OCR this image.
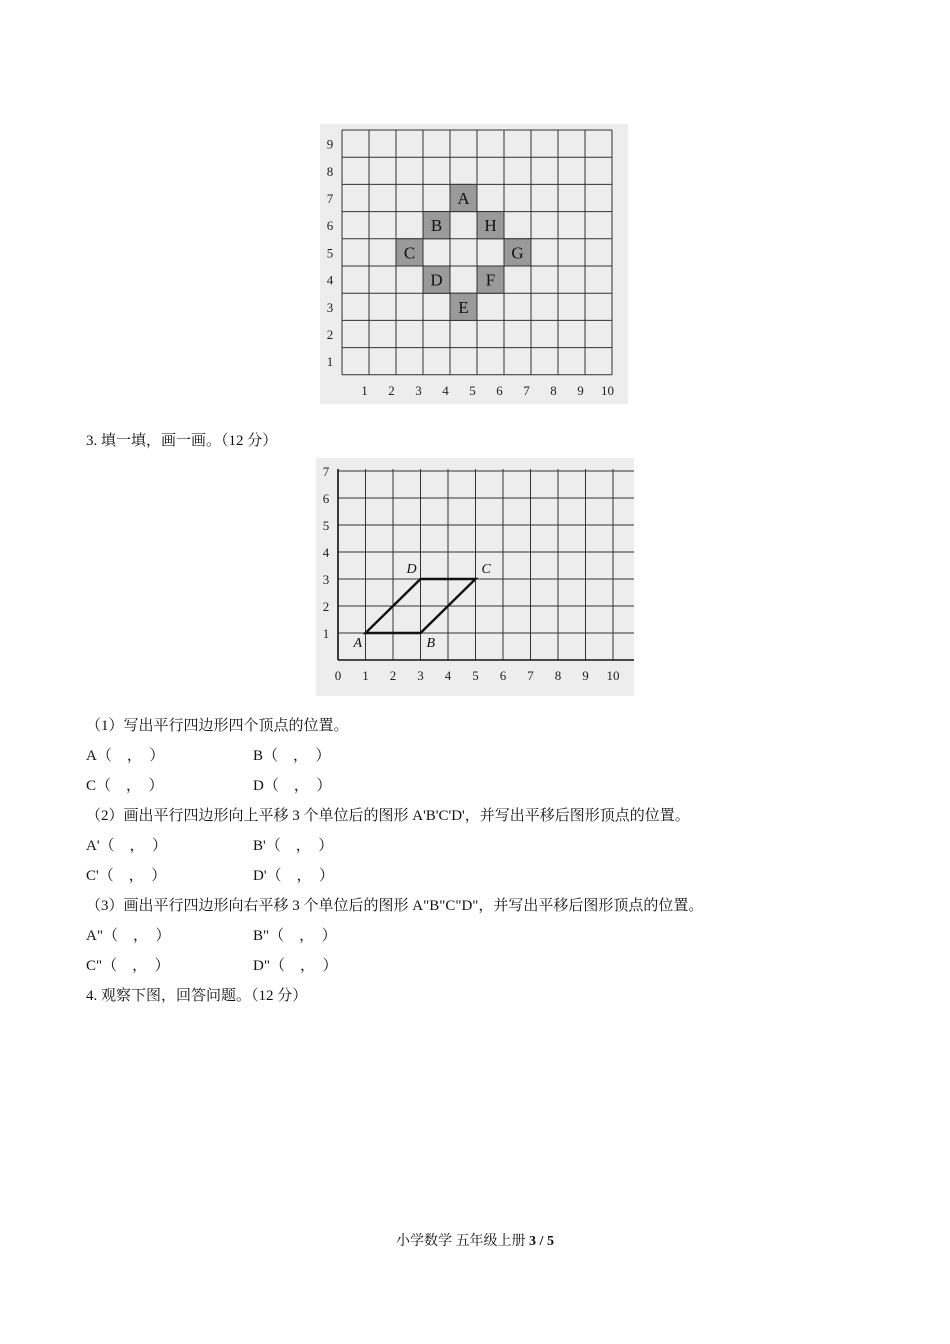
A
B H
C	G
D	F
E
9
8
7
6
5
4
3
2
1
1 2 3 4 5 6 7 8 9 10
3. 填一填，画一画。（12 分）
A	B
C
D
7
6
5
4
3
2
1
0 1 2 3 4 5 6 7 8 9 10
（1）写出平行四边形四个顶点的位置。
A（　，　）	B（　，　）
C（　，　）	D（　，　）
（2）画出平行四边形向上平移 3 个单位后的图形 A'B'C'D'，并写出平移后图形顶点的位置。
A'（　，　）	B'（　，　）
C'（　，　）	D'（　，　）
（3）画出平行四边形向右平移 3 个单位后的图形 A"B"C"D"，并写出平移后图形顶点的位置。
A"（　，　）	B"（　，　）
C"（　，　）	D"（　，　）
4. 观察下图，回答问题。（12 分）
小学数学 五年级上册 3 / 5
